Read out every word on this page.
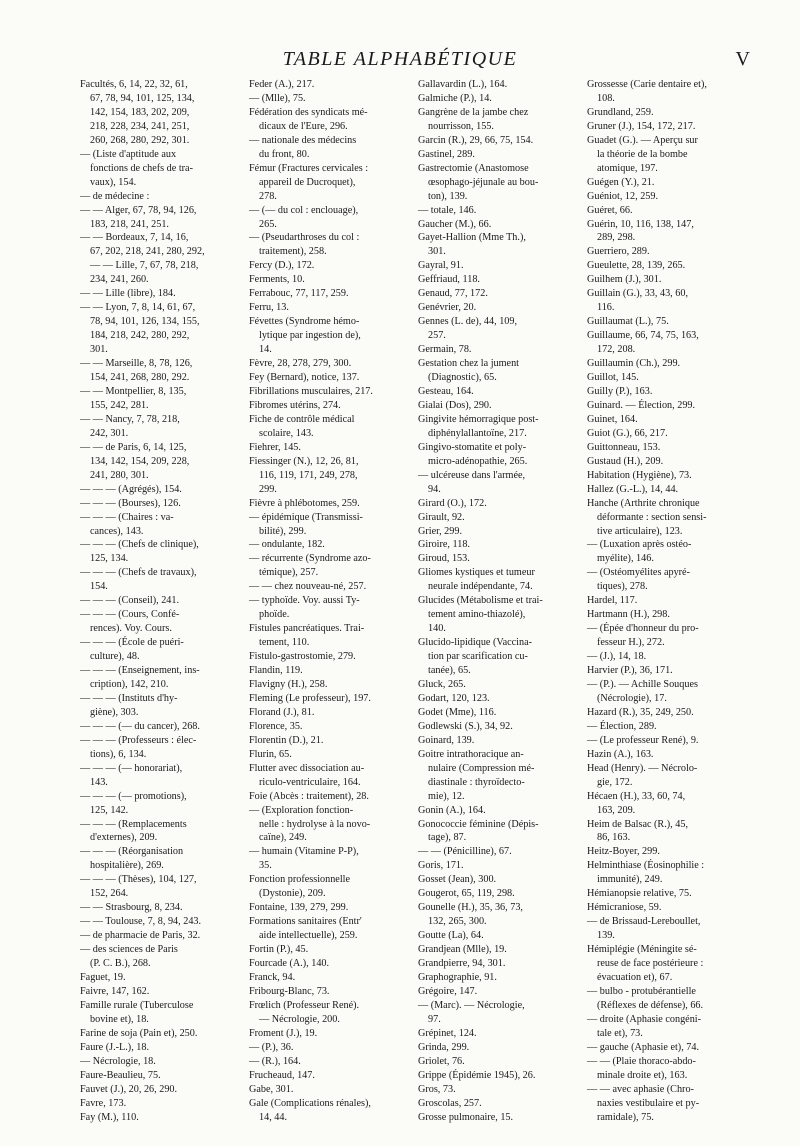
TABLE ALPHABÉTIQUE	V
Facultés, 6, 14, 22, 32, 61,
67, 78, 94, 101, 125, 134,
142, 154, 183, 202, 209,
218, 228, 234, 241, 251,
260, 268, 280, 292, 301.
— (Liste d'aptitude aux
fonctions de chefs de tra-
vaux), 154.
— de médecine :
— — Alger, 67, 78, 94, 126,
183, 218, 241, 251.
— — Bordeaux, 7, 14, 16,
67, 202, 218, 241, 280, 292,
— — Lille, 7, 67, 78, 218,
234, 241, 260.
— — Lille (libre), 184.
— — Lyon, 7, 8, 14, 61, 67,
78, 94, 101, 126, 134, 155,
184, 218, 242, 280, 292,
301.
— — Marseille, 8, 78, 126,
154, 241, 268, 280, 292.
— — Montpellier, 8, 135,
155, 242, 281.
— — Nancy, 7, 78, 218,
242, 301.
— — de Paris, 6, 14, 125,
134, 142, 154, 209, 228,
241, 280, 301.
— — — (Agrégés), 154.
— — — (Bourses), 126.
— — — (Chaires : va-
cances), 143.
— — — (Chefs de clinique),
125, 134.
— — — (Chefs de travaux),
154.
— — — (Conseil), 241.
— — — (Cours, Confé-
rences). Voy. Cours.
— — — (École de puéri-
culture), 48.
— — — (Enseignement, ins-
cription), 142, 210.
— — — (Instituts d'hy-
giène), 303.
— — — (— du cancer), 268.
— — — (Professeurs : élec-
tions), 6, 134.
— — — (— honorariat),
143.
— — — (— promotions),
125, 142.
— — — (Remplacements
d'externes), 209.
— — — (Réorganisation
hospitalière), 269.
— — — (Thèses), 104, 127,
152, 264.
— — Strasbourg, 8, 234.
— — Toulouse, 7, 8, 94, 243.
— de pharmacie de Paris, 32.
— des sciences de Paris
(P. C. B.), 268.
Faguet, 19.
Faivre, 147, 162.
Famille rurale (Tuberculose
bovine et), 18.
Farine de soja (Pain et), 250.
Faure (J.-L.), 18.
— Nécrologie, 18.
Faure-Beaulieu, 75.
Fauvet (J.), 20, 26, 290.
Favre, 173.
Fay (M.), 110.
Feder (A.), 217.
— (Mlle), 75.
Fédération des syndicats mé-
dicaux de l'Eure, 296.
— nationale des médecins
du front, 80.
Fémur (Fractures cervicales :
appareil de Ducroquet),
278.
— (— du col : enclouage),
265.
— (Pseudarthroses du col :
traitement), 258.
Fercy (D.), 172.
Ferments, 10.
Ferrabouc, 77, 117, 259.
Ferru, 13.
Févettes (Syndrome hémo-
lytique par ingestion de),
14.
Fèvre, 28, 278, 279, 300.
Fey (Bernard), notice, 137.
Fibrillations musculaires, 217.
Fibromes utérins, 274.
Fiche de contrôle médical
scolaire, 143.
Fiehrer, 145.
Fiessinger (N.), 12, 26, 81,
116, 119, 171, 249, 278,
299.
Fièvre à phlébotomes, 259.
— épidémique (Transmissi-
bilité), 299.
— ondulante, 182.
— récurrente (Syndrome azo-
témique), 257.
— — chez nouveau-né, 257.
— typhoïde. Voy. aussi Ty-
phoïde.
Fistules pancréatiques. Trai-
tement, 110.
Fistulo-gastrostomie, 279.
Flandin, 119.
Flavigny (H.), 258.
Fleming (Le professeur), 197.
Florand (J.), 81.
Florence, 35.
Florentin (D.), 21.
Flurin, 65.
Flutter avec dissociation au-
riculo-ventriculaire, 164.
Foie (Abcès : traitement), 28.
— (Exploration fonction-
nelle : hydrolyse à la novo-
caïne), 249.
— humain (Vitamine P-P),
35.
Fonction professionnelle
(Dystonie), 209.
Fontaine, 139, 279, 299.
Formations sanitaires (Entr'
aide intellectuelle), 259.
Fortin (P.), 45.
Fourcade (A.), 140.
Franck, 94.
Fribourg-Blanc, 73.
Frœlich (Professeur René).
— Nécrologie, 200.
Froment (J.), 19.
— (P.), 36.
— (R.), 164.
Frucheaud, 147.
Gabe, 301.
Gale (Complications rénales),
14, 44.
Gallavardin (L.), 164.
Galmiche (P.), 14.
Gangrène de la jambe chez
nourrisson, 155.
Garcin (R.), 29, 66, 75, 154.
Gastinel, 289.
Gastrectomie (Anastomose
œsophago-jéjunale au bou-
ton), 139.
— totale, 146.
Gaucher (M.), 66.
Gayet-Hallion (Mme Th.),
301.
Gayral, 91.
Geffriaud, 118.
Genaud, 77, 172.
Genévrier, 20.
Gennes (L. de), 44, 109,
257.
Germain, 78.
Gestation chez la jument
(Diagnostic), 65.
Gesteau, 164.
Gialai (Dos), 290.
Gingivite hémorragique post-
diphénylallantoïne, 217.
Gingivo-stomatite et poly-
micro-adénopathie, 265.
— ulcéreuse dans l'armée,
94.
Girard (O.), 172.
Girault, 92.
Grier, 299.
Giroire, 118.
Giroud, 153.
Gliomes kystiques et tumeur
neurale indépendante, 74.
Glucides (Métabolisme et trai-
tement amino-thiazolé),
140.
Glucido-lipidique (Vaccina-
tion par scarification cu-
tanée), 65.
Gluck, 265.
Godart, 120, 123.
Godet (Mme), 116.
Godlewski (S.), 34, 92.
Goinard, 139.
Goitre intrathoracique an-
nulaire (Compression mé-
diastinale : thyroïdecto-
mie), 12.
Gonin (A.), 164.
Gonococcie féminine (Dépis-
tage), 87.
— — (Pénicilline), 67.
Goris, 171.
Gosset (Jean), 300.
Gougerot, 65, 119, 298.
Gounelle (H.), 35, 36, 73,
132, 265, 300.
Goutte (La), 64.
Grandjean (Mlle), 19.
Grandpierre, 94, 301.
Graphographie, 91.
Grégoire, 147.
— (Marc). — Nécrologie,
97.
Grépinet, 124.
Grinda, 299.
Griolet, 76.
Grippe (Épidémie 1945), 26.
Gros, 73.
Groscolas, 257.
Grosse pulmonaire, 15.
Grossesse (Carie dentaire et),
108.
Grundland, 259.
Gruner (J.), 154, 172, 217.
Guadet (G.). — Aperçu sur
la théorie de la bombe
atomique, 197.
Guégen (Y.), 21.
Guéniot, 12, 259.
Guéret, 66.
Guérin, 10, 116, 138, 147,
289, 298.
Guerriero, 289.
Gueulette, 28, 139, 265.
Guilhem (J.), 301.
Guillain (G.), 33, 43, 60,
116.
Guillaumat (L.), 75.
Guillaume, 66, 74, 75, 163,
172, 208.
Guillaumin (Ch.), 299.
Guillot, 145.
Guilly (P.), 163.
Guinard. — Élection, 299.
Guinet, 164.
Guiot (G.), 66, 217.
Guittonneau, 153.
Gustaud (H.), 209.
Habitation (Hygiène), 73.
Hallez (G.-L.), 14, 44.
Hanche (Arthrite chronique
déformante : section sensi-
tive articulaire), 123.
— (Luxation après ostéo-
myélite), 146.
— (Ostéomyélites apyré-
tiques), 278.
Hardel, 117.
Hartmann (H.), 298.
— (Épée d'honneur du pro-
fesseur H.), 272.
— (J.), 14, 18.
Harvier (P.), 36, 171.
— (P.). — Achille Souques
(Nécrologie), 17.
Hazard (R.), 35, 249, 250.
— Élection, 289.
— (Le professeur René), 9.
Hazin (A.), 163.
Head (Henry). — Nécrolo-
gie, 172.
Hécaen (H.), 33, 60, 74,
163, 209.
Heim de Balsac (R.), 45,
86, 163.
Heitz-Boyer, 299.
Helminthiase (Éosinophilie :
immunité), 249.
Hémianopsie relative, 75.
Hémicraniose, 59.
— de Brissaud-Lereboullet,
139.
Hémiplégie (Méningite sé-
reuse de face postérieure :
évacuation et), 67.
— bulbo - protubérantielle
(Réflexes de défense), 66.
— droite (Aphasie congéni-
tale et), 73.
— gauche (Aphasie et), 74.
— — (Plaie thoraco-abdo-
minale droite et), 163.
— — avec aphasie (Chro-
naxies vestibulaire et py-
ramidale), 75.
